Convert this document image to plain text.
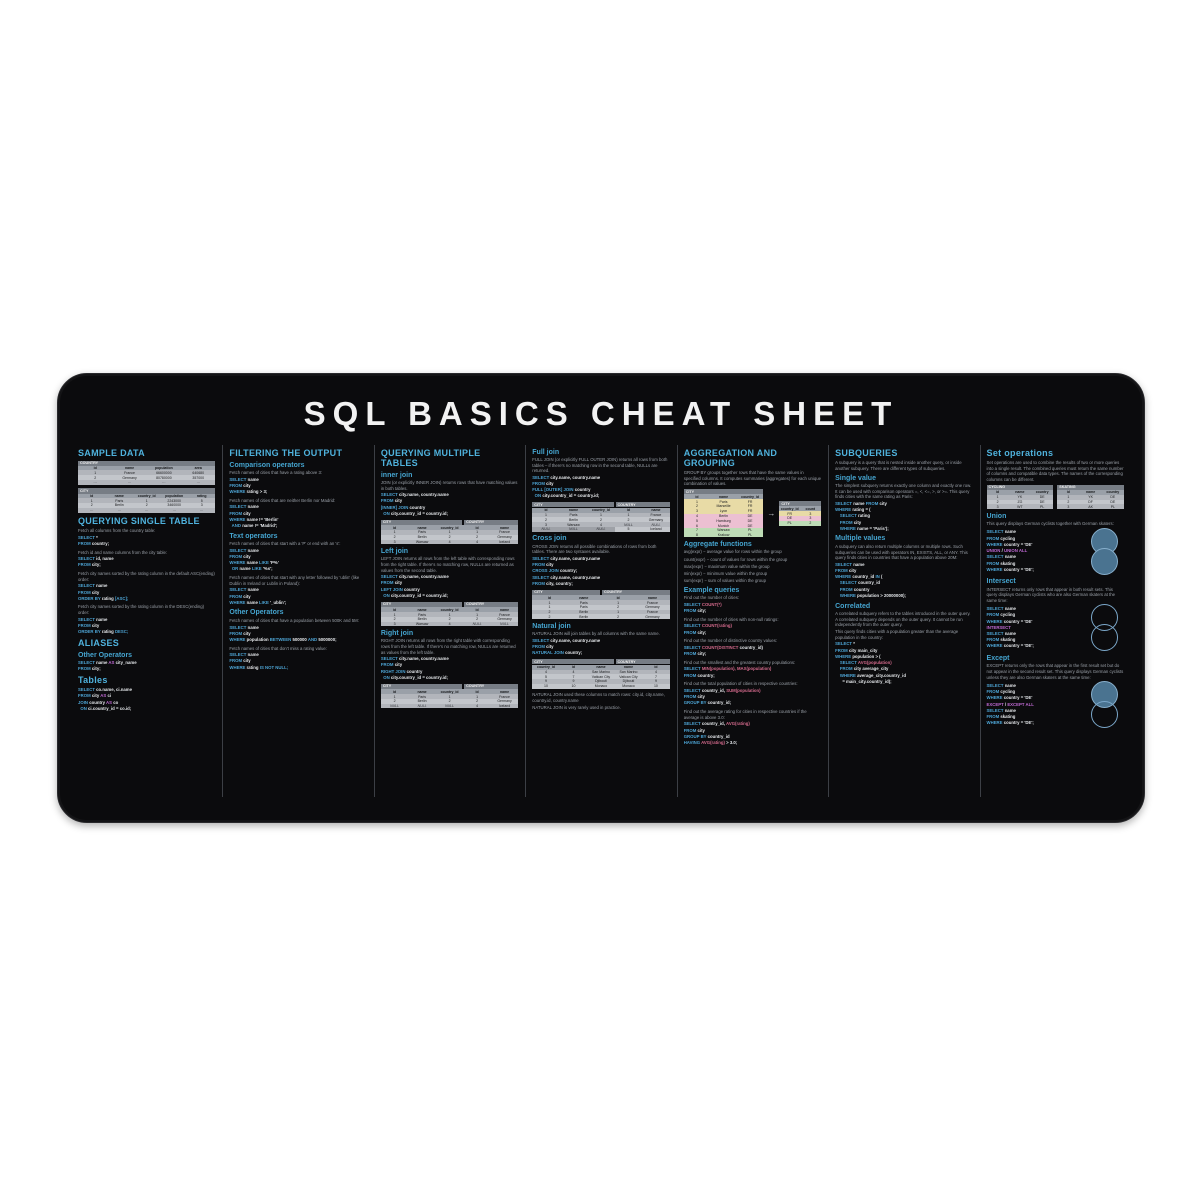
SQL BASICS CHEAT SHEET
SAMPLE DATA
COUNTRY
id	name	population	area
1	France	66600000	640680
2	Germany	80780000	357000
…	…	…	…
CITY
id	name	country_id	population	rating
1	Paris	1	2243000	5
2	Berlin	2	3460000	3
…	…	…	…	…
QUERYING SINGLE TABLE
Fetch all columns from the country table:
SELECT *
FROM country;
Fetch id and name columns from the city table:
SELECT id, name
FROM city;
Fetch city names sorted by the rating column in the default ASC(ending) order:
SELECT name
FROM city
ORDER BY rating [ASC];
Fetch city names sorted by the rating column in the DESC(ending) order:
SELECT name
FROM city
ORDER BY rating DESC;
ALIASES
Other Operators
SELECT name AS city_name
FROM city;
Tables
SELECT co.name, ci.name
FROM city AS ci
JOIN country AS co
ON ci.country_id = co.id;
FILTERING THE OUTPUT
Comparison operators
Fetch names of cities that have a rating above 3:
SELECT name
FROM city
WHERE rating > 3;
Fetch names of cities that are neither Berlin nor Madrid:
SELECT name
FROM city
WHERE name != 'Berlin'
AND name != 'Madrid';
Text operators
Fetch names of cities that start with a 'P' or end with an 's':
SELECT name
FROM city
WHERE name LIKE 'P%'
OR name LIKE '%s';
Fetch names of cities that start with any letter followed by 'ublin' (like Dublin in Ireland or Lublin in Poland):
SELECT name
FROM city
WHERE name LIKE '_ublin';
Other Operators
Fetch names of cities that have a population between 500K and 5M:
SELECT name
FROM city
WHERE population BETWEEN 500000 AND 5000000;
Fetch names of cities that don't miss a rating value:
SELECT name
FROM city
WHERE rating IS NOT NULL;
QUERYING MULTIPLE TABLES
inner join
JOIN (or explicitly INNER JOIN) returns rows that have matching values in both tables.
SELECT city.name, country.name
FROM city
[INNER] JOIN country
ON city.country_id = country.id;
CITY	COUNTRY
id	name	country_id	id	name
1	Paris	1	1	France
2	Berlin	2	2	Germany
3	Warsaw	4	4	Iceland
Left join
LEFT JOIN returns all rows from the left table with corresponding rows from the right table. If there's no matching row, NULLs are returned as values from the second table.
SELECT city.name, country.name
FROM city
LEFT JOIN country
ON city.country_id = country.id;
CITY	COUNTRY
id	name	country_id	id	name
1	Paris	1	1	France
2	Berlin	2	2	Germany
3	Warsaw	4	NULL	NULL
Right join
RIGHT JOIN returns all rows from the right table with corresponding rows from the left table. If there's no matching row, NULLs are returned as values from the left table.
SELECT city.name, country.name
FROM city
RIGHT JOIN country
ON city.country_id = country.id;
CITY	COUNTRY
id	name	country_id	id	name
1	Paris	1	1	France
2	Berlin	2	2	Germany
NULL	NULL	NULL	4	Iceland
Full join
FULL JOIN (or explicitly FULL OUTER JOIN) returns all rows from both tables – if there's no matching row in the second table, NULLs are returned.
SELECT city.name, country.name
FROM city
FULL [OUTER] JOIN country
ON city.country_id = country.id;
CITY	COUNTRY
id	name	country_id	id	name
1	Paris	1	1	France
2	Berlin	2	2	Germany
3	Warsaw	4	NULL	NULL
NULL	NULL	NULL	5	Iceland
Cross join
CROSS JOIN returns all possible combinations of rows from both tables. There are two syntaxes available.
SELECT city.name, country.name
FROM city
CROSS JOIN country;
SELECT city.name, country.name
FROM city, country;
CITY	COUNTRY
id	name	id	name
1	Paris	1	France
1	Paris	2	Germany
2	Berlin	1	France
2	Berlin	2	Germany
Natural join
NATURAL JOIN will join tables by all columns with the same name.
SELECT city.name, country.name
FROM city
NATURAL JOIN country;
CITY	COUNTRY
country_id	id	name	name	id
4	4	San Marino	San Marino	4
5	7	Vatican City	Vatican City	7
9	9	Djibouti	Djibouti	9
10	10	Monaco	Monaco	10
NATURAL JOIN used these columns to match rows: city.id, city.name, country.id, country.name
NATURAL JOIN is very rarely used in practice.
AGGREGATION AND GROUPING
GROUP BY groups together rows that have the same values in specified columns. It computes summaries (aggregates) for each unique combination of values.
CITY
id	name	country_id
1	Paris	FR
2	Marseille	FR
3	Lyon	FR
4	Berlin	DE
5	Hamburg	DE
6	Munich	DE
7	Warsaw	PL
8	Krakow	PL
→
CITY
country_id	count
FR	3
DE	3
PL	2
Aggregate functions
avg(expr) − average value for rows within the group
count(expr) − count of values for rows within the group
max(expr) − maximum value within the group
min(expr) − minimum value within the group
sum(expr) − sum of values within the group
Example queries
Find out the number of cities:
SELECT COUNT(*)
FROM city;
Find out the number of cities with non-null ratings:
SELECT COUNT(rating)
FROM city;
Find out the number of distinctive country values:
SELECT COUNT(DISTINCT country_id)
FROM city;
Find out the smallest and the greatest country populations:
SELECT MIN(population), MAX(population)
FROM country;
Find out the total population of cities in respective countries:
SELECT country_id, SUM(population)
FROM city
GROUP BY country_id;
Find out the average rating for cities in respective countries if the average is above 3.0:
SELECT country_id, AVG(rating)
FROM city
GROUP BY country_id
HAVING AVG(rating) > 3.0;
SUBQUERIES
A subquery is a query that is nested inside another query, or inside another subquery. There are different types of subqueries.
Single value
The simplest subquery returns exactly one column and exactly one row. It can be used with comparison operators =, <, <=, >, or >=. This query finds cities with the same rating as Paris:
SELECT name FROM city
WHERE rating = (
SELECT rating
FROM city
WHERE name = 'Paris');
Multiple values
A subquery can also return multiple columns or multiple rows. Such subqueries can be used with operators IN, EXISTS, ALL, or ANY. This query finds cities in countries that have a population above 20M:
SELECT name
FROM city
WHERE country_id IN (
SELECT country_id
FROM country
WHERE population > 20000000);
Correlated
A correlated subquery refers to the tables introduced in the outer query. A correlated subquery depends on the outer query. It cannot be run independently from the outer query.
This query finds cities with a population greater than the average population in the country:
SELECT *
FROM city main_city
WHERE population > (
SELECT AVG(population)
FROM city average_city
WHERE average_city.country_id
= main_city.country_id);
Set operations
Set operations are used to combine the results of two or more queries into a single result. The combined queries must return the same number of columns and compatible data types. The names of the corresponding columns can be different.
CYCLING
id	name	country
1	YK	DE
2	ZG	DE
3	WT	PL
SKATING
id	name	country
1	YK	DE
2	DF	DE
3	AK	PL
Union
This query displays German cyclists together with German skaters:
SELECT name
FROM cycling
WHERE country = 'DE'
UNION / UNION ALL
SELECT name
FROM skating
WHERE country = 'DE';
Intersect
INTERSECT returns only rows that appear in both result sets. This query displays German cyclists who are also German skaters at the same time:
SELECT name
FROM cycling
WHERE country = 'DE'
INTERSECT
SELECT name
FROM skating
WHERE country = 'DE';
Except
EXCEPT returns only the rows that appear in the first result set but do not appear in the second result set. This query displays German cyclists unless they are also German skaters at the same time:
SELECT name
FROM cycling
WHERE country = 'DE'
EXCEPT / EXCEPT ALL
SELECT name
FROM skating
WHERE country = 'DE';
